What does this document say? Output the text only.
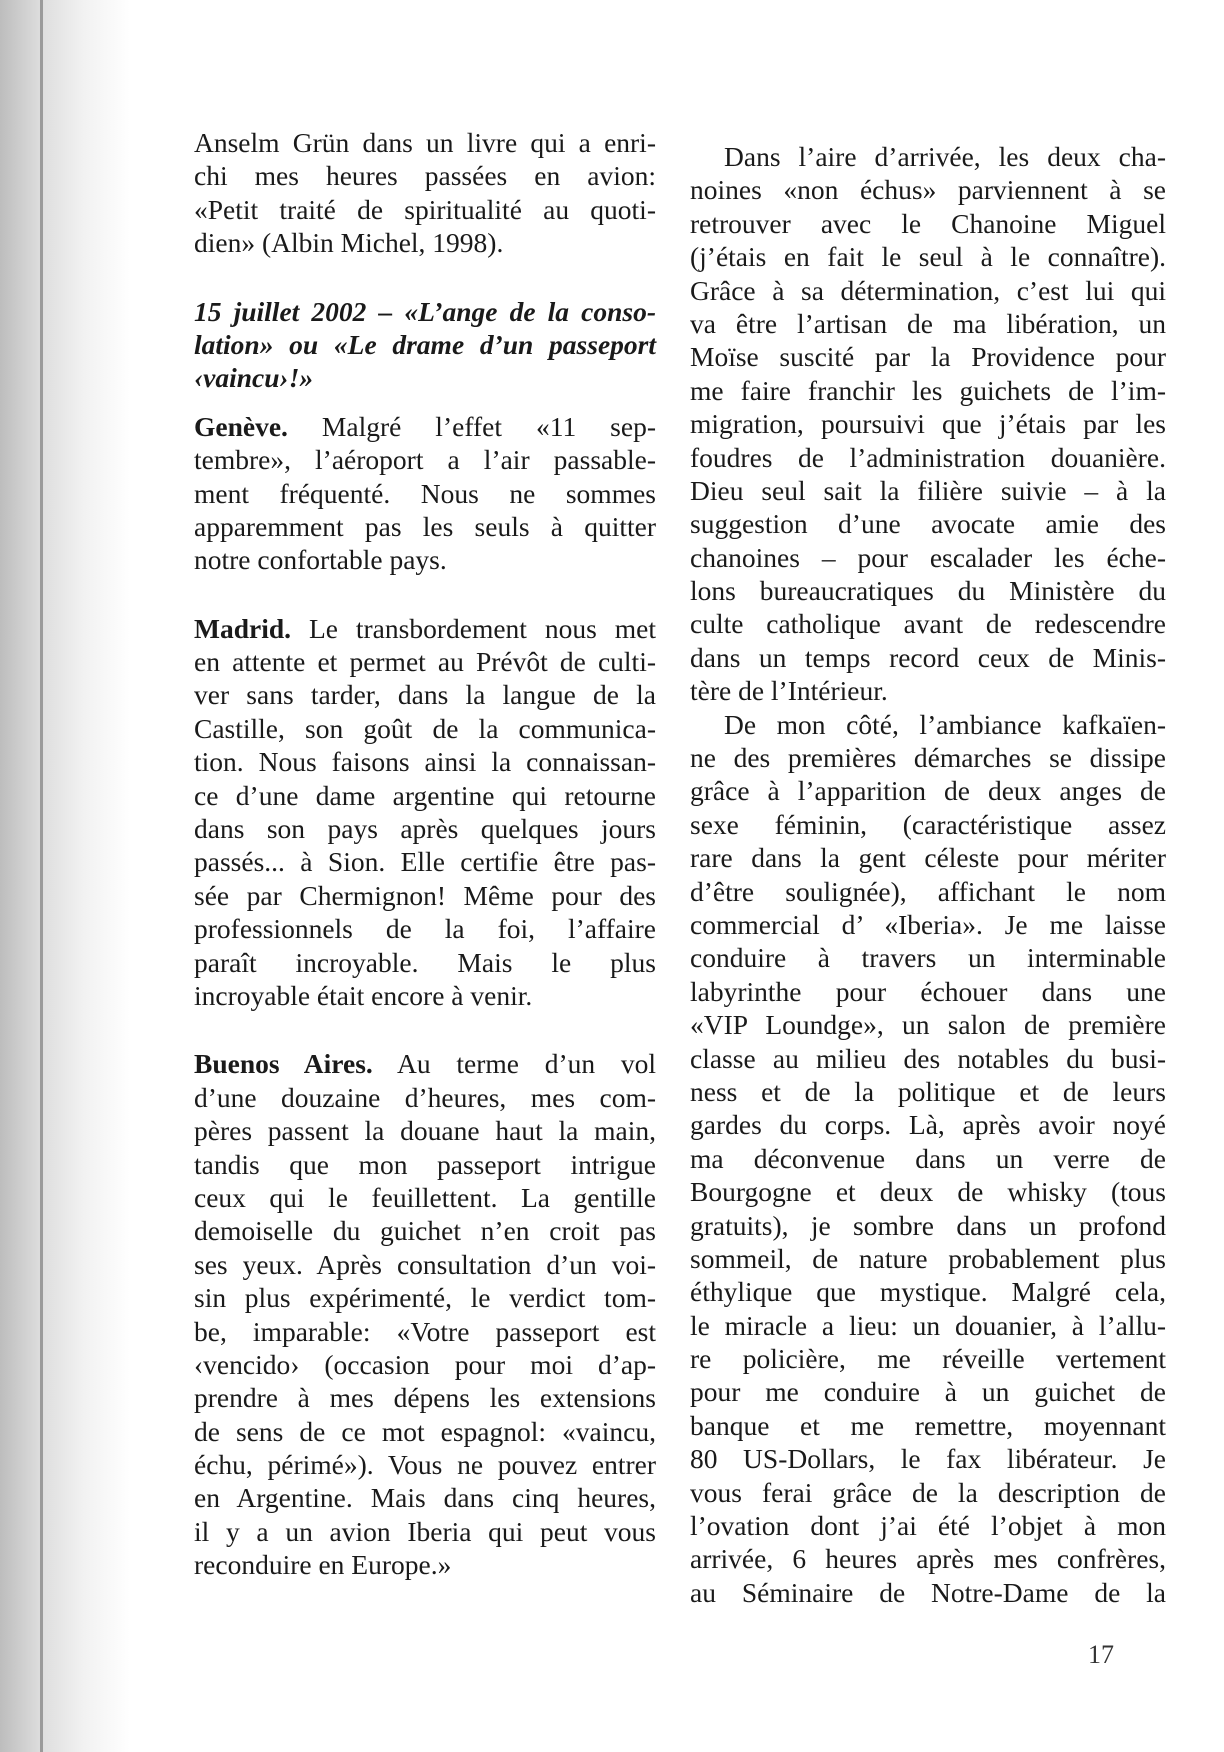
Anselm Grün dans un livre qui a enri-
chi mes heures passées en avion:
«Petit traité de spiritualité au quoti-
dien» (Albin Michel, 1998).
15 juillet 2002 – «L’ange de la conso-
lation» ou «Le drame d’un passeport
‹vaincu›!»
Genève. Malgré l’effet «11 sep-
tembre», l’aéroport a l’air passable-
ment fréquenté. Nous ne sommes
apparemment pas les seuls à quitter
notre confortable pays.
Madrid. Le transbordement nous met
en attente et permet au Prévôt de culti-
ver sans tarder, dans la langue de la
Castille, son goût de la communica-
tion. Nous faisons ainsi la connaissan-
ce d’une dame argentine qui retourne
dans son pays après quelques jours
passés... à Sion. Elle certifie être pas-
sée par Chermignon! Même pour des
professionnels de la foi, l’affaire
paraît incroyable. Mais le plus
incroyable était encore à venir.
Buenos Aires. Au terme d’un vol
d’une douzaine d’heures, mes com-
pères passent la douane haut la main,
tandis que mon passeport intrigue
ceux qui le feuillettent. La gentille
demoiselle du guichet n’en croit pas
ses yeux. Après consultation d’un voi-
sin plus expérimenté, le verdict tom-
be, imparable: «Votre passeport est
‹vencido› (occasion pour moi d’ap-
prendre à mes dépens les extensions
de sens de ce mot espagnol: «vaincu,
échu, périmé»). Vous ne pouvez entrer
en Argentine. Mais dans cinq heures,
il y a un avion Iberia qui peut vous
reconduire en Europe.»
Dans l’aire d’arrivée, les deux cha-
noines «non échus» parviennent à se
retrouver avec le Chanoine Miguel
(j’étais en fait le seul à le connaître).
Grâce à sa détermination, c’est lui qui
va être l’artisan de ma libération, un
Moïse suscité par la Providence pour
me faire franchir les guichets de l’im-
migration, poursuivi que j’étais par les
foudres de l’administration douanière.
Dieu seul sait la filière suivie – à la
suggestion d’une avocate amie des
chanoines – pour escalader les éche-
lons bureaucratiques du Ministère du
culte catholique avant de redescendre
dans un temps record ceux de Minis-
tère de l’Intérieur.
De mon côté, l’ambiance kafkaïen-
ne des premières démarches se dissipe
grâce à l’apparition de deux anges de
sexe féminin, (caractéristique assez
rare dans la gent céleste pour mériter
d’être soulignée), affichant le nom
commercial d’ «Iberia». Je me laisse
conduire à travers un interminable
labyrinthe pour échouer dans une
«VIP Loundge», un salon de première
classe au milieu des notables du busi-
ness et de la politique et de leurs
gardes du corps. Là, après avoir noyé
ma déconvenue dans un verre de
Bourgogne et deux de whisky (tous
gratuits), je sombre dans un profond
sommeil, de nature probablement plus
éthylique que mystique. Malgré cela,
le miracle a lieu: un douanier, à l’allu-
re policière, me réveille vertement
pour me conduire à un guichet de
banque et me remettre, moyennant
80 US-Dollars, le fax libérateur. Je
vous ferai grâce de la description de
l’ovation dont j’ai été l’objet à mon
arrivée, 6 heures après mes confrères,
au Séminaire de Notre-Dame de la
17
